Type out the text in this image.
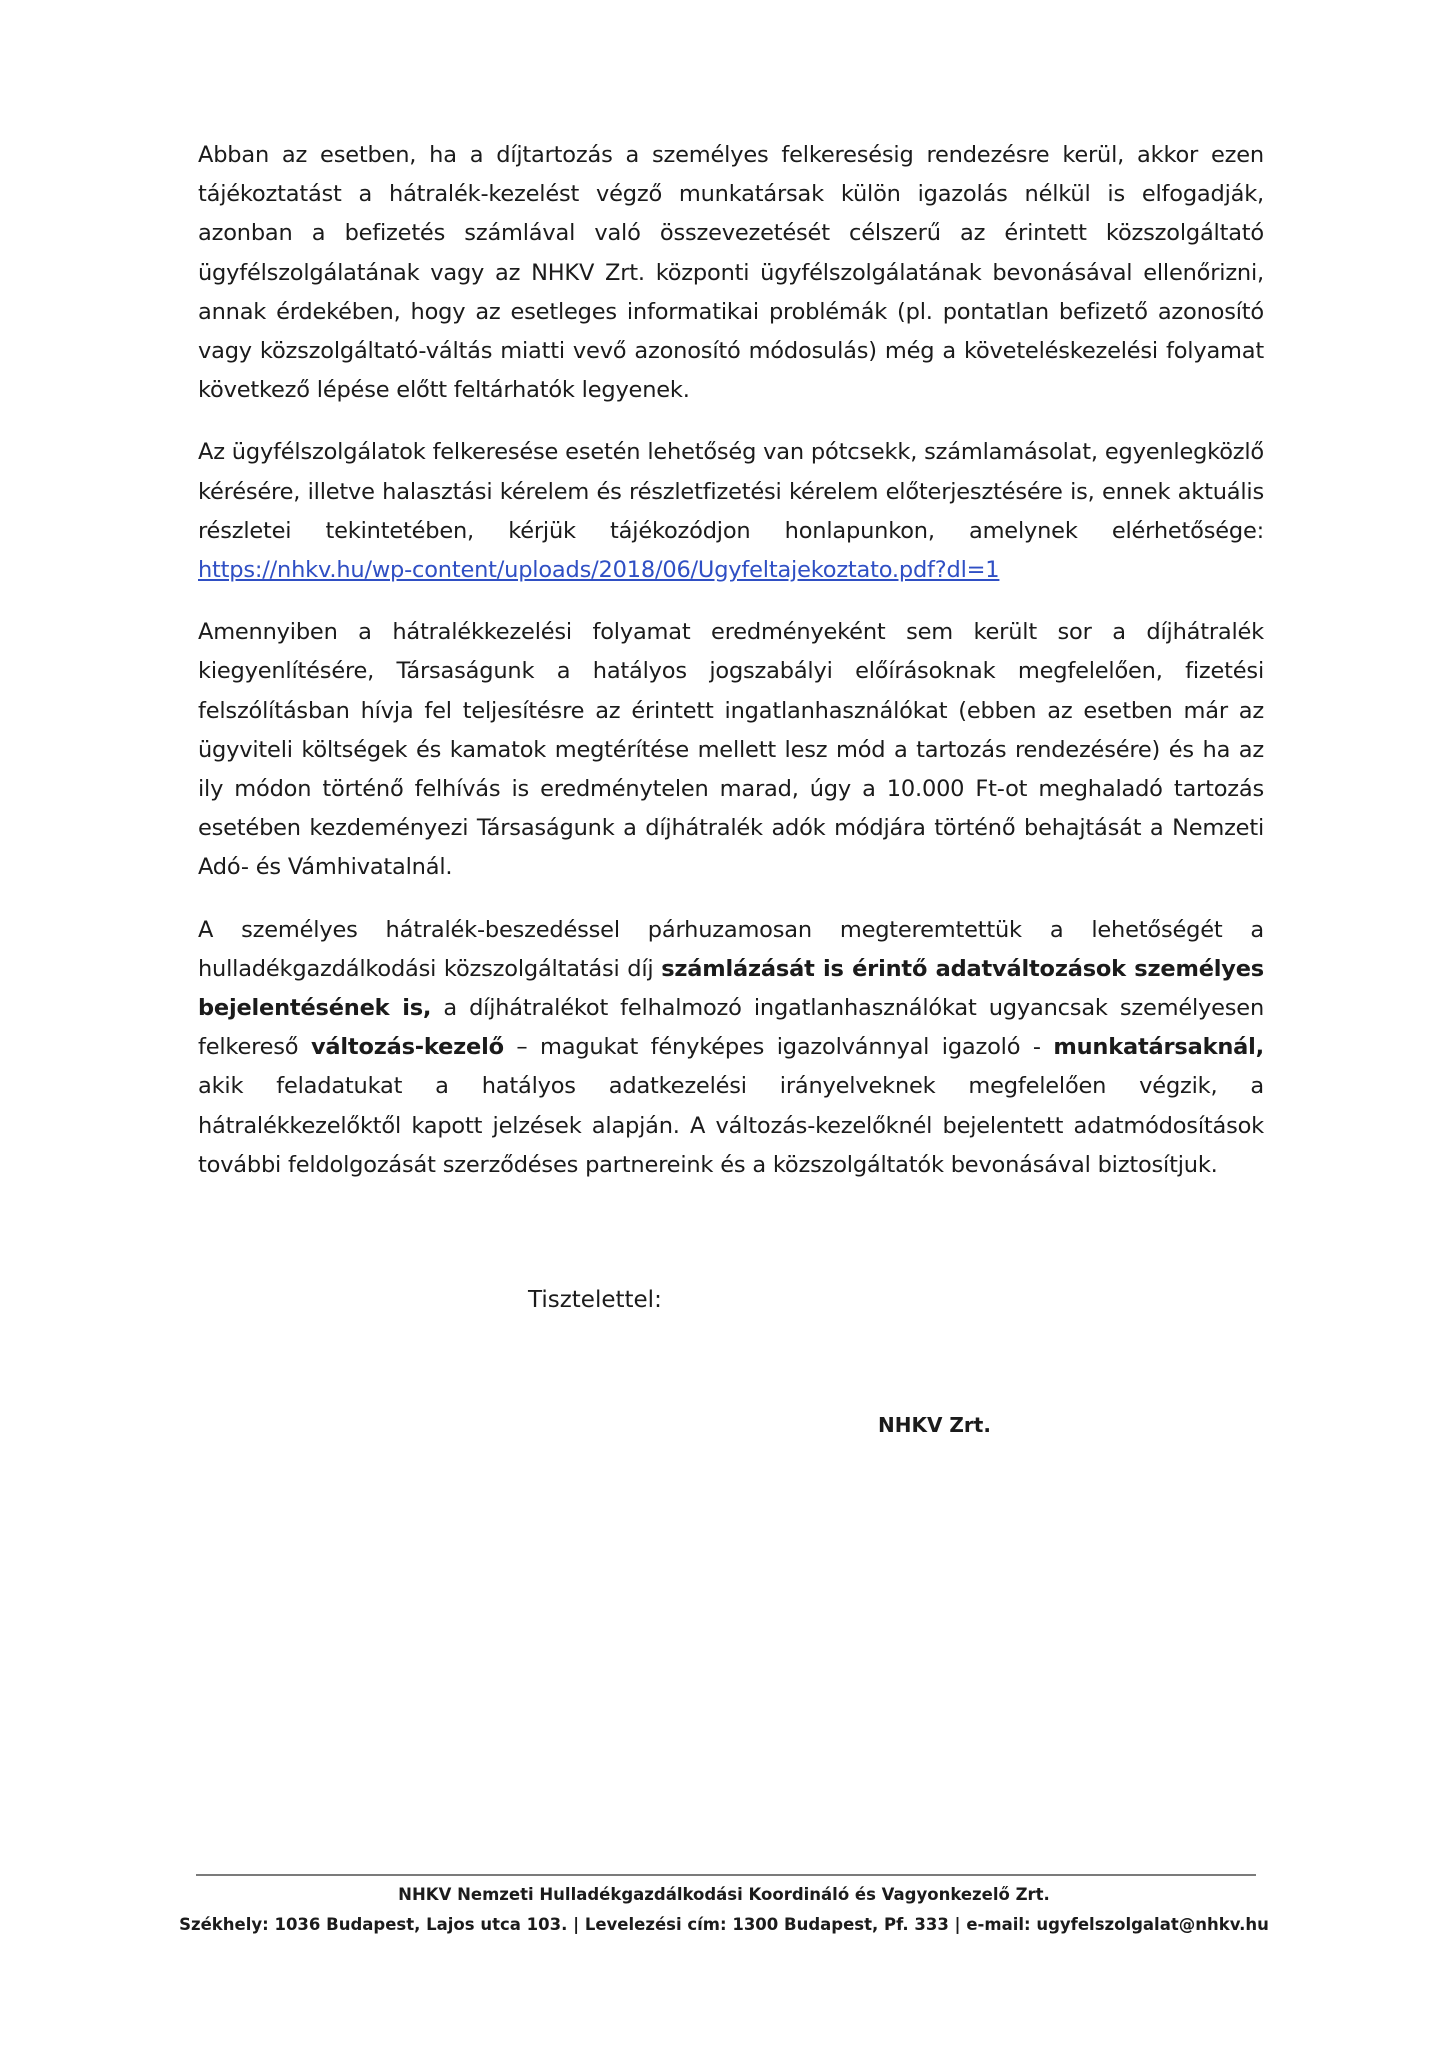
Abban az esetben, ha a díjtartozás a személyes felkeresésig rendezésre kerül, akkor ezen tájékoztatást a hátralék-kezelést végző munkatársak külön igazolás nélkül is elfogadják, azonban a befizetés számlával való összevezetését célszerű az érintett közszolgáltató ügyfélszolgálatának vagy az NHKV Zrt. központi ügyfélszolgálatának bevonásával ellenőrizni, annak érdekében, hogy az esetleges informatikai problémák (pl. pontatlan befizető azonosító vagy közszolgáltató-váltás miatti vevő azonosító módosulás) még a követeléskezelési folyamat következő lépése előtt feltárhatók legyenek.

Az ügyfélszolgálatok felkeresése esetén lehetőség van pótcsekk, számlamásolat, egyenlegközlő kérésére, illetve halasztási kérelem és részletfizetési kérelem előterjesztésére is, ennek aktuális részletei tekintetében, kérjük tájékozódjon honlapunkon, amelynek elérhetősége: https://nhkv.hu/wp-content/uploads/2018/06/Ugyfeltajekoztato.pdf?dl=1

Amennyiben a hátralékkezelési folyamat eredményeként sem került sor a díjhátralék kiegyenlítésére, Társaságunk a hatályos jogszabályi előírásoknak megfelelően, fizetési felszólításban hívja fel teljesítésre az érintett ingatlanhasználókat (ebben az esetben már az ügyviteli költségek és kamatok megtérítése mellett lesz mód a tartozás rendezésére) és ha az ily módon történő felhívás is eredménytelen marad, úgy a 10.000 Ft-ot meghaladó tartozás esetében kezdeményezi Társaságunk a díjhátralék adók módjára történő behajtását a Nemzeti Adó- és Vámhivatalnál.

A személyes hátralék-beszedéssel párhuzamosan megteremtettük a lehetőségét a hulladékgazdálkodási közszolgáltatási díj számlázását is érintő adatváltozások személyes bejelentésének is, a díjhátralékot felhalmozó ingatlanhasználókat ugyancsak személyesen felkereső változás-kezelő – magukat fényképes igazolvánnyal igazoló - munkatársaknál, akik feladatukat a hatályos adatkezelési irányelveknek megfelelően végzik, a hátralékkezelőktől kapott jelzések alapján. A változás-kezelőknél bejelentett adatmódosítások további feldolgozását szerződéses partnereink és a közszolgáltatók bevonásával biztosítjuk.

Tisztelettel:
NHKV Zrt.
NHKV Nemzeti Hulladékgazdálkodási Koordináló és Vagyonkezelő Zrt.
Székhely: 1036 Budapest, Lajos utca 103. | Levelezési cím: 1300 Budapest, Pf. 333 | e-mail: ugyfelszolgalat@nhkv.hu
